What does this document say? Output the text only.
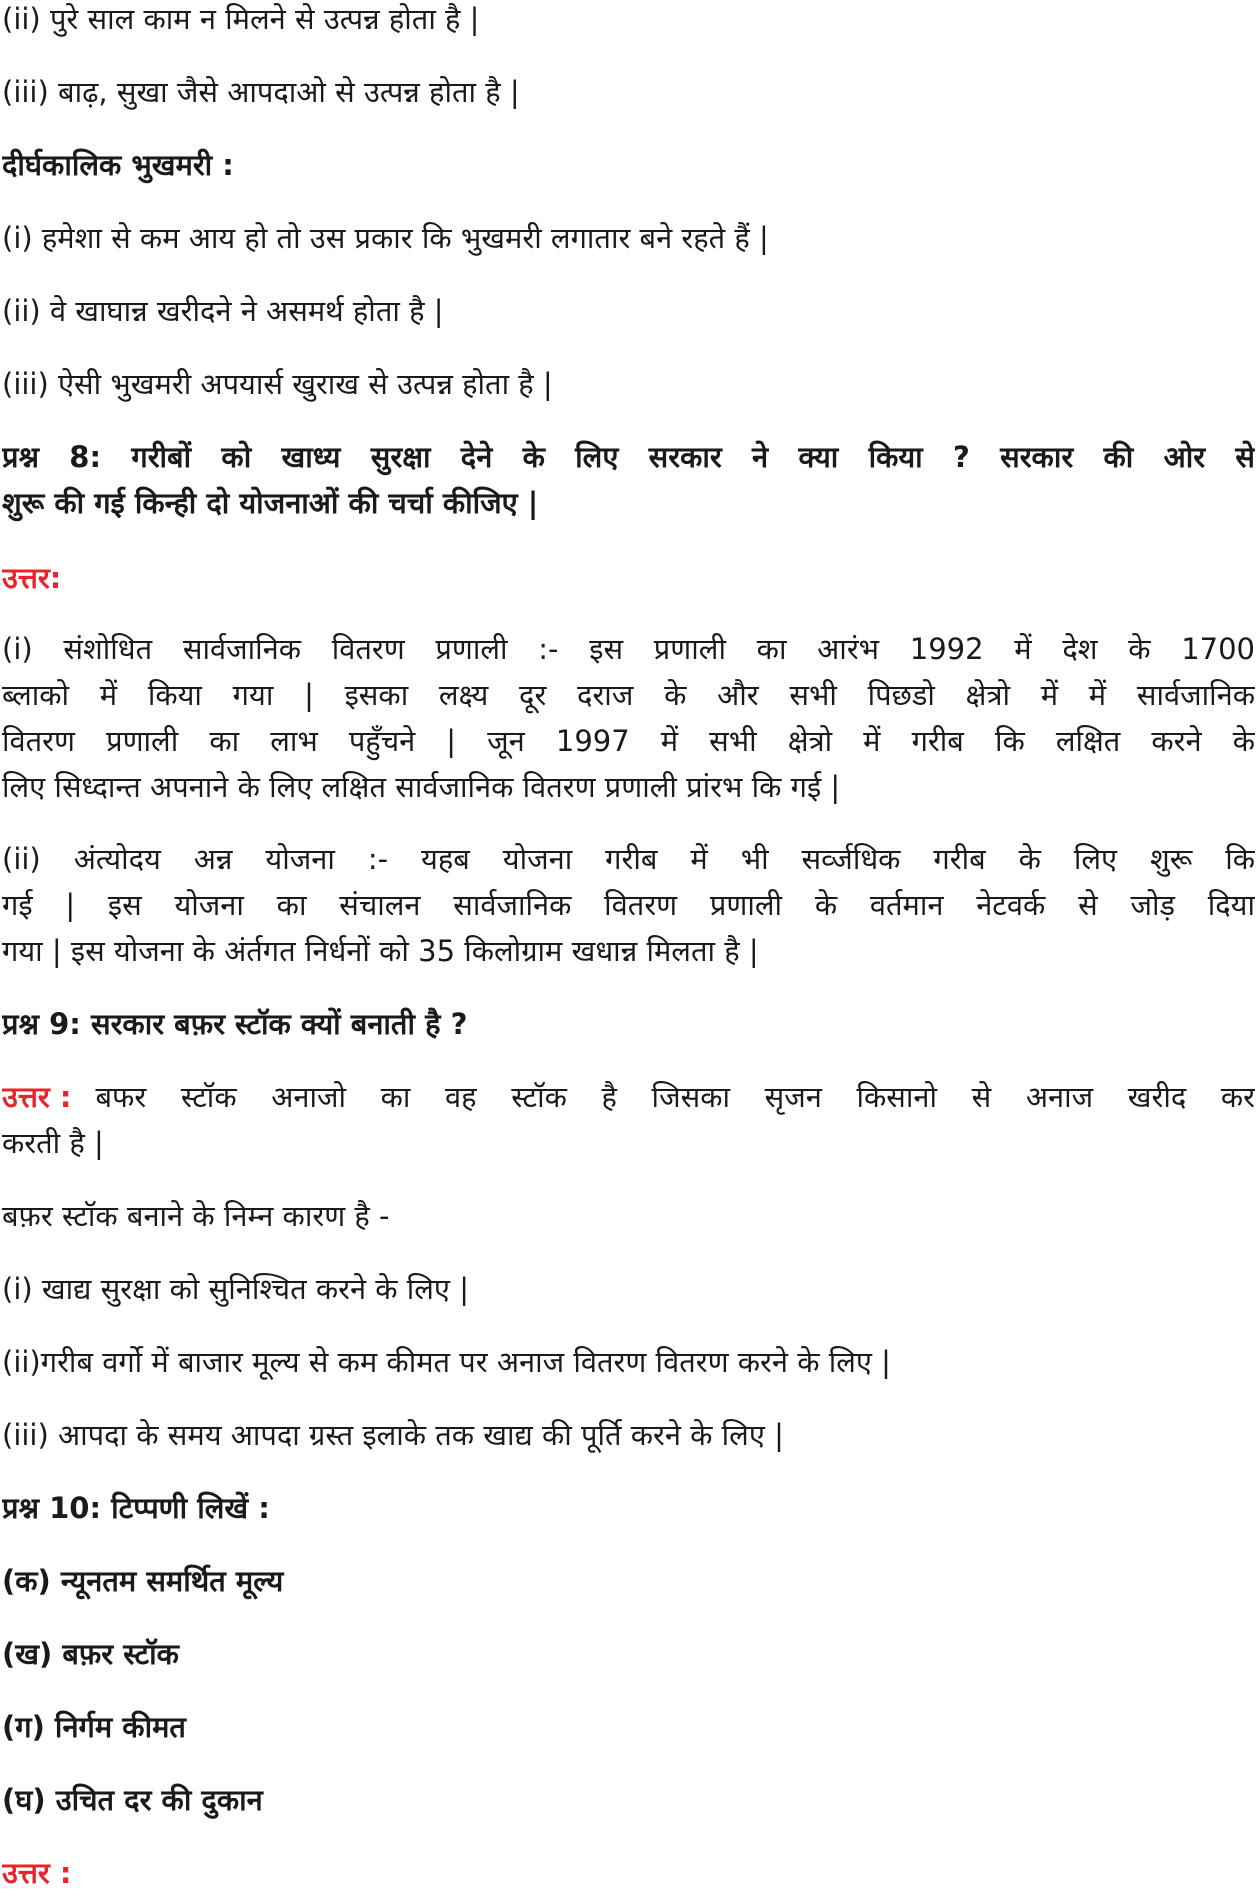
(ii) पुरे साल काम न मिलने से उत्पन्न होता है |
(iii) बाढ़, सुखा जैसे आपदाओ से उत्पन्न होता है |
दीर्घकालिक भुखमरी :
(i) हमेशा से कम आय हो तो उस प्रकार कि भुखमरी लगातार बने रहते हैं |
(ii) वे खाघान्न खरीदने ने असमर्थ होता है |
(iii) ऐसी भुखमरी अपयार्स खुराख से उत्पन्न होता है |
प्रश्न 8: गरीबों को खाध्य सुरक्षा देने के लिए सरकार ने क्या किया ? सरकार की ओर से
शुरू की गई किन्ही दो योजनाओं की चर्चा कीजिए |
उत्तर:
(i) संशोधित सार्वजानिक वितरण प्रणाली :- इस प्रणाली का आरंभ 1992 में देश के 1700
ब्लाको में किया गया | इसका लक्ष्य दूर दराज के और सभी पिछडो क्षेत्रो में में सार्वजानिक
वितरण प्रणाली का लाभ पहुँचने | जून 1997 में सभी क्षेत्रो में गरीब कि लक्षित करने के
लिए सिध्दान्त अपनाने के लिए लक्षित सार्वजानिक वितरण प्रणाली प्रांरभ कि गई |
(ii) अंत्योदय अन्न योजना :- यहब योजना गरीब में भी सर्व्जधिक गरीब के लिए शुरू कि
गई | इस योजना का संचालन सार्वजानिक वितरण प्रणाली के वर्तमान नेटवर्क से जोड़ दिया
गया | इस योजना के अंर्तगत निर्धनों को 35 किलोग्राम खधान्न मिलता है |
प्रश्न 9: सरकार बफ़र स्टॉक क्यों बनाती है ?
उत्तर : बफर स्टॉक अनाजो का वह स्टॉक है जिसका सृजन किसानो से अनाज खरीद कर
करती है |
बफ़र स्टॉक बनाने के निम्न कारण है -
(i) खाद्य सुरक्षा को सुनिश्चित करने के लिए |
(ii)गरीब वर्गो में बाजार मूल्य से कम कीमत पर अनाज वितरण वितरण करने के लिए |
(iii) आपदा के समय आपदा ग्रस्त इलाके तक खाद्य की पूर्ति करने के लिए |
प्रश्न 10: टिप्पणी लिखें :
(क) न्यूनतम समर्थित मूल्य
(ख) बफ़र स्टॉक
(ग) निर्गम कीमत
(घ) उचित दर की दुकान
उत्तर :
